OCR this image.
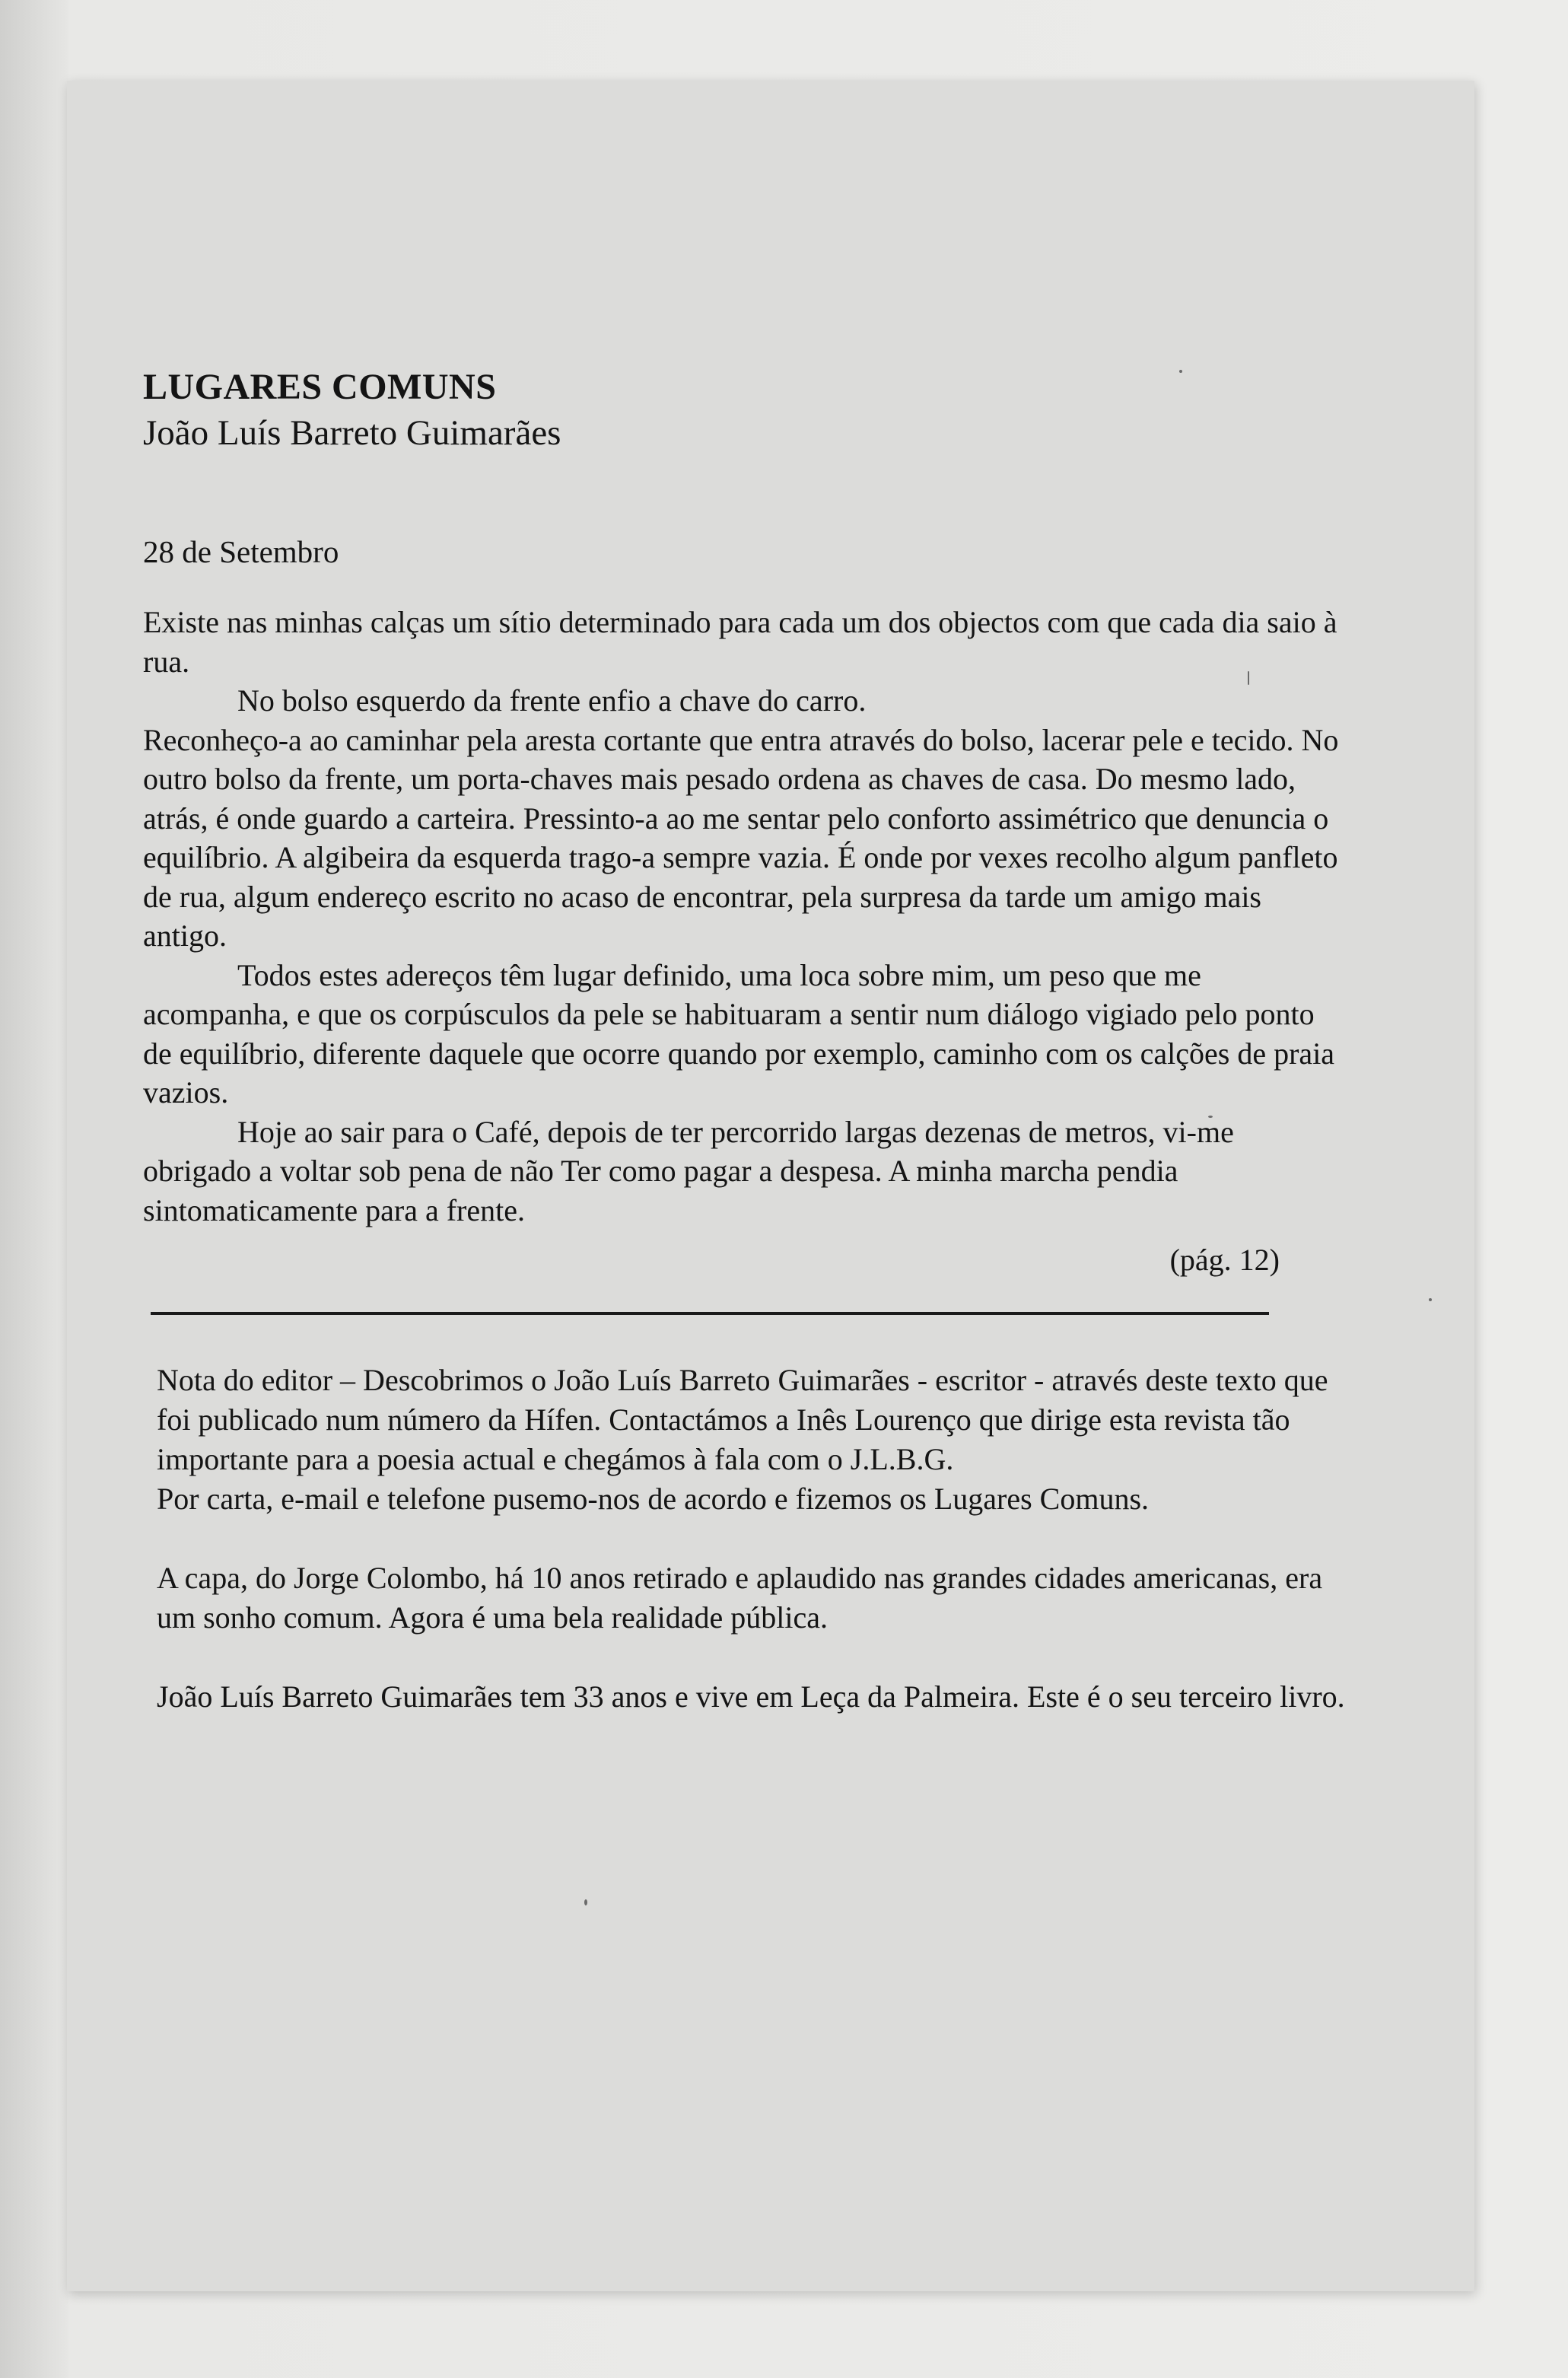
LUGARES COMUNS

João Luís Barreto Guimarães

28 de Setembro

Existe nas minhas calças um sítio determinado para cada um dos objectos com que cada dia saio à rua.

No bolso esquerdo da frente enfio a chave do carro.

Reconheço-a ao caminhar pela aresta cortante que entra através do bolso, lacerar pele e tecido. No outro bolso da frente, um porta-chaves mais pesado ordena as chaves de casa. Do mesmo lado, atrás, é onde guardo a carteira. Pressinto-a ao me sentar pelo conforto assimétrico que denuncia o equilíbrio. A algibeira da esquerda trago-a sempre vazia. É onde por vexes recolho algum panfleto de rua, algum endereço escrito no acaso de encontrar, pela surpresa da tarde um amigo mais antigo.

Todos estes adereços têm lugar definido, uma loca sobre mim, um peso que me acompanha, e que os corpúsculos da pele se habituaram a sentir num diálogo vigiado pelo ponto de equilíbrio, diferente daquele que ocorre quando por exemplo, caminho com os calções de praia vazios.

Hoje ao sair para o Café, depois de ter percorrido largas dezenas de metros, vi-me obrigado a voltar sob pena de não Ter como pagar a despesa. A minha marcha pendia sintomaticamente para a frente.

(pág. 12)

Nota do editor – Descobrimos o João Luís Barreto Guimarães - escritor - através deste texto que foi publicado num número da Hífen. Contactámos a Inês Lourenço que dirige esta revista tão importante para a poesia actual e chegámos à fala com o J.L.B.G.

Por carta, e-mail e telefone pusemo-nos de acordo e fizemos os Lugares Comuns.

A capa, do Jorge Colombo, há 10 anos retirado e aplaudido nas grandes cidades americanas, era um sonho comum. Agora é uma bela realidade pública.

João Luís Barreto Guimarães tem 33 anos e vive em Leça da Palmeira. Este é o seu terceiro livro.
